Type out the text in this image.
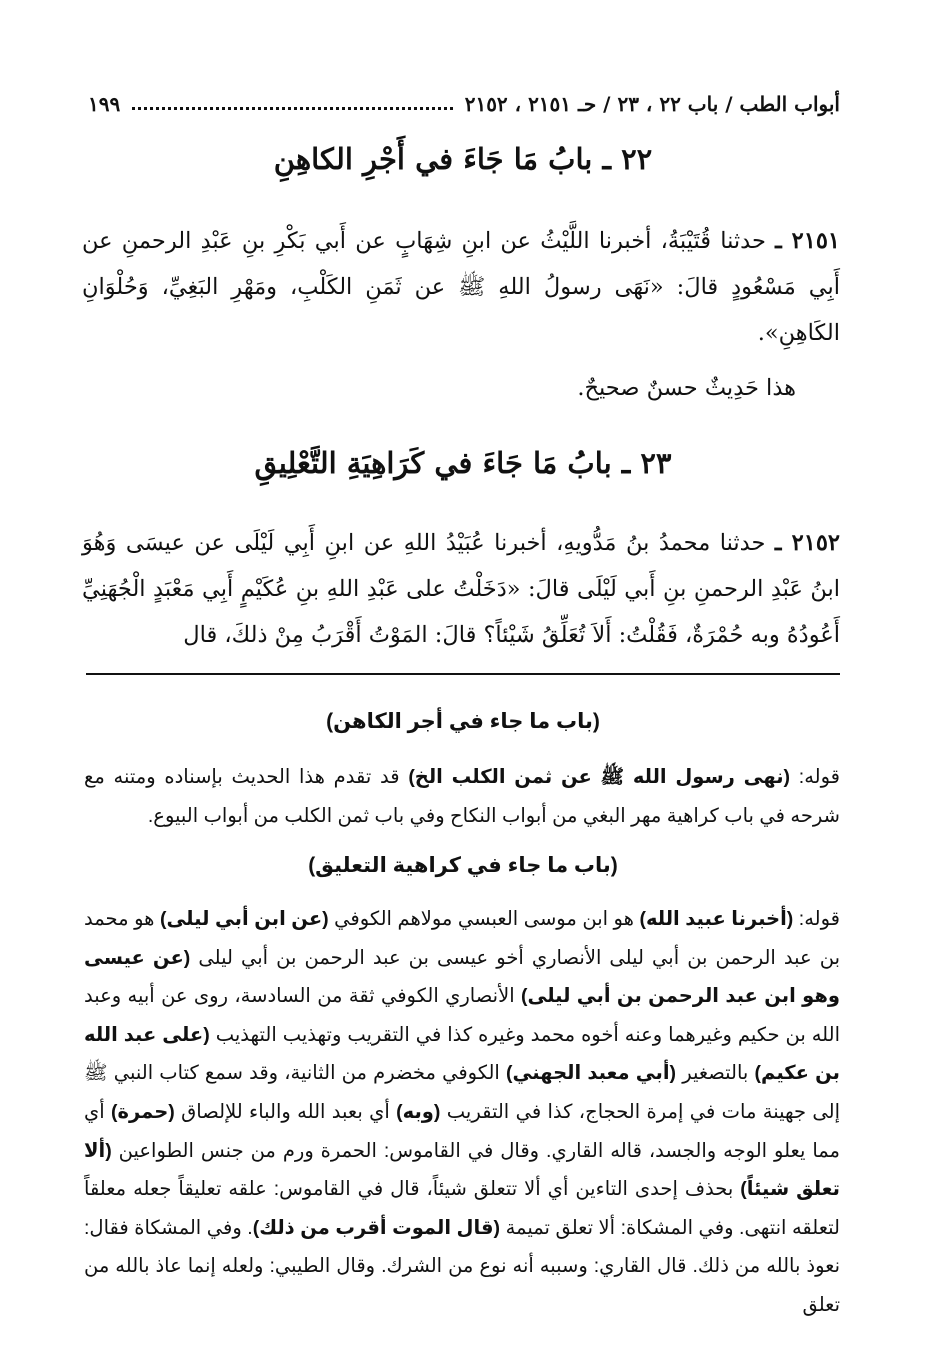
أبواب الطب / باب ٢٢ ، ٢٣ / حـ ٢١٥١ ، ٢١٥٢
١٩٩
٢٢ ـ بابُ مَا جَاءَ في أَجْرِ الكاهِنِ
٢١٥١ ـ حدثنا قُتَيْبَةُ، أخبرنا اللَّيْثُ عن ابنِ شِهَابٍ عن أَبي بَكْرِ بنِ عَبْدِ الرحمنِ عن أَبِي مَسْعُودٍ قالَ: «نَهَى رسولُ اللهِ ﷺ عن ثَمَنِ الكَلْبِ، ومَهْرِ البَغِيِّ، وَحُلْوَانِ الكَاهِنِ».
هذا حَدِيثٌ حسنٌ صحيحٌ.
٢٣ ـ بابُ مَا جَاءَ في كَرَاهِيَةِ التَّعْلِيقِ
٢١٥٢ ـ حدثنا محمدُ بنُ مَدُّويهِ، أخبرنا عُبَيْدُ اللهِ عن ابنِ أَبِي لَيْلَى عن عيسَى وَهُوَ ابنُ عَبْدِ الرحمنِ بنِ أَبي لَيْلَى قالَ: «دَخَلْتُ على عَبْدِ اللهِ بنِ عُكَيْمٍ أَبِي مَعْبَدٍ الْجُهَنِيِّ أَعُودُهُ وبه حُمْرَةٌ، فَقُلْتُ: أَلاَ تُعَلِّقُ شَيْئاً؟ قالَ: المَوْتُ أَقْرَبُ مِنْ ذلكَ، قال
(باب ما جاء في أجر الكاهن)

قوله: (نهى رسول الله ﷺ عن ثمن الكلب الخ) قد تقدم هذا الحديث بإسناده ومتنه مع شرحه في باب كراهية مهر البغي من أبواب النكاح وفي باب ثمن الكلب من أبواب البيوع.

(باب ما جاء في كراهية التعليق)

قوله: (أخبرنا عبيد الله) هو ابن موسى العبسي مولاهم الكوفي (عن ابن أبي ليلى) هو محمد بن عبد الرحمن بن أبي ليلى الأنصاري أخو عيسى بن عبد الرحمن بن أبي ليلى (عن عيسى وهو ابن عبد الرحمن بن أبي ليلى) الأنصاري الكوفي ثقة من السادسة، روى عن أبيه وعبد الله بن حكيم وغيرهما وعنه أخوه محمد وغيره كذا في التقريب وتهذيب التهذيب (على عبد الله بن عكيم) بالتصغير (أبي معبد الجهني) الكوفي مخضرم من الثانية، وقد سمع كتاب النبي ﷺ إلى جهينة مات في إمرة الحجاج، كذا في التقريب (وبه) أي بعبد الله والباء للإلصاق (حمرة) أي مما يعلو الوجه والجسد، قاله القاري. وقال في القاموس: الحمرة ورم من جنس الطواعين (ألا تعلق شيئاً) بحذف إحدى التاءين أي ألا تتعلق شيئاً، قال في القاموس: علقه تعليقاً جعله معلقاً لتعلقه انتهى. وفي المشكاة: ألا تعلق تميمة (قال الموت أقرب من ذلك). وفي المشكاة فقال: نعوذ بالله من ذلك. قال القاري: وسببه أنه نوع من الشرك. وقال الطيبي: ولعله إنما عاذ بالله من تعلق
